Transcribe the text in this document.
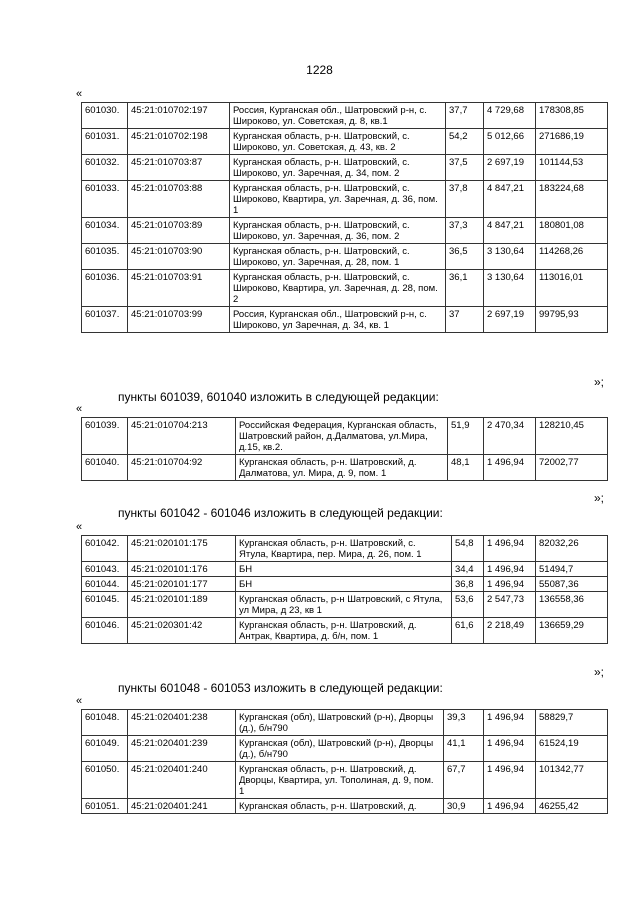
1228
«
601030.	45:21:010702:197	Россия, Курганская обл., Шатровский р-н, с. Широково, ул. Советская, д. 8, кв.1	37,7	4 729,68	178308,85
601031.	45:21:010702:198	Курганская область, р-н. Шатровский, с. Широково, ул. Советская, д. 43, кв. 2	54,2	5 012,66	271686,19
601032.	45:21:010703:87	Курганская область, р-н. Шатровский, с. Широково, ул. Заречная, д. 34, пом. 2	37,5	2 697,19	101144,53
601033.	45:21:010703:88	Курганская область, р-н. Шатровский, с. Широково, Квартира, ул. Заречная, д. 36, пом. 1	37,8	4 847,21	183224,68
601034.	45:21:010703:89	Курганская область, р-н. Шатровский, с. Широково, ул. Заречная, д. 36, пом. 2	37,3	4 847,21	180801,08
601035.	45:21:010703:90	Курганская область, р-н. Шатровский, с. Широково, ул. Заречная, д. 28, пом. 1	36,5	3 130,64	114268,26
601036.	45:21:010703:91	Курганская область, р-н. Шатровский, с. Широково, Квартира, ул. Заречная, д. 28, пом. 2	36,1	3 130,64	113016,01
601037.	45:21:010703:99	Россия, Курганская обл., Шатровский р-н, с. Широково, ул Заречная, д. 34, кв. 1	37	2 697,19	99795,93
»;
пункты 601039, 601040 изложить в следующей редакции:
«
601039.	45:21:010704:213	Российская Федерация, Курганская область, Шатровский район, д.Далматова, ул.Мира, д.15, кв.2.	51,9	2 470,34	128210,45
601040.	45:21:010704:92	Курганская область, р-н. Шатровский, д. Далматова, ул. Мира, д. 9, пом. 1	48,1	1 496,94	72002,77
»;
пункты 601042 - 601046 изложить в следующей редакции:
«
601042.	45:21:020101:175	Курганская область, р-н. Шатровский, с. Ятула, Квартира, пер. Мира, д. 26, пом. 1	54,8	1 496,94	82032,26
601043.	45:21:020101:176	БН	34,4	1 496,94	51494,7
601044.	45:21:020101:177	БН	36,8	1 496,94	55087,36
601045.	45:21:020101:189	Курганская область, р-н Шатровский, с Ятула, ул Мира, д 23, кв 1	53,6	2 547,73	136558,36
601046.	45:21:020301:42	Курганская область, р-н. Шатровский, д. Антрак, Квартира, д. б/н, пом. 1	61,6	2 218,49	136659,29
»;
пункты 601048 - 601053 изложить в следующей редакции:
«
601048.	45:21:020401:238	Курганская (обл), Шатровский (р-н), Дворцы (д.), б/н790	39,3	1 496,94	58829,7
601049.	45:21:020401:239	Курганская (обл), Шатровский (р-н), Дворцы (д.), б/н790	41,1	1 496,94	61524,19
601050.	45:21:020401:240	Курганская область, р-н. Шатровский, д. Дворцы, Квартира, ул. Тополиная, д. 9, пом. 1	67,7	1 496,94	101342,77
601051.	45:21:020401:241	Курганская область, р-н. Шатровский, д.	30,9	1 496,94	46255,42
